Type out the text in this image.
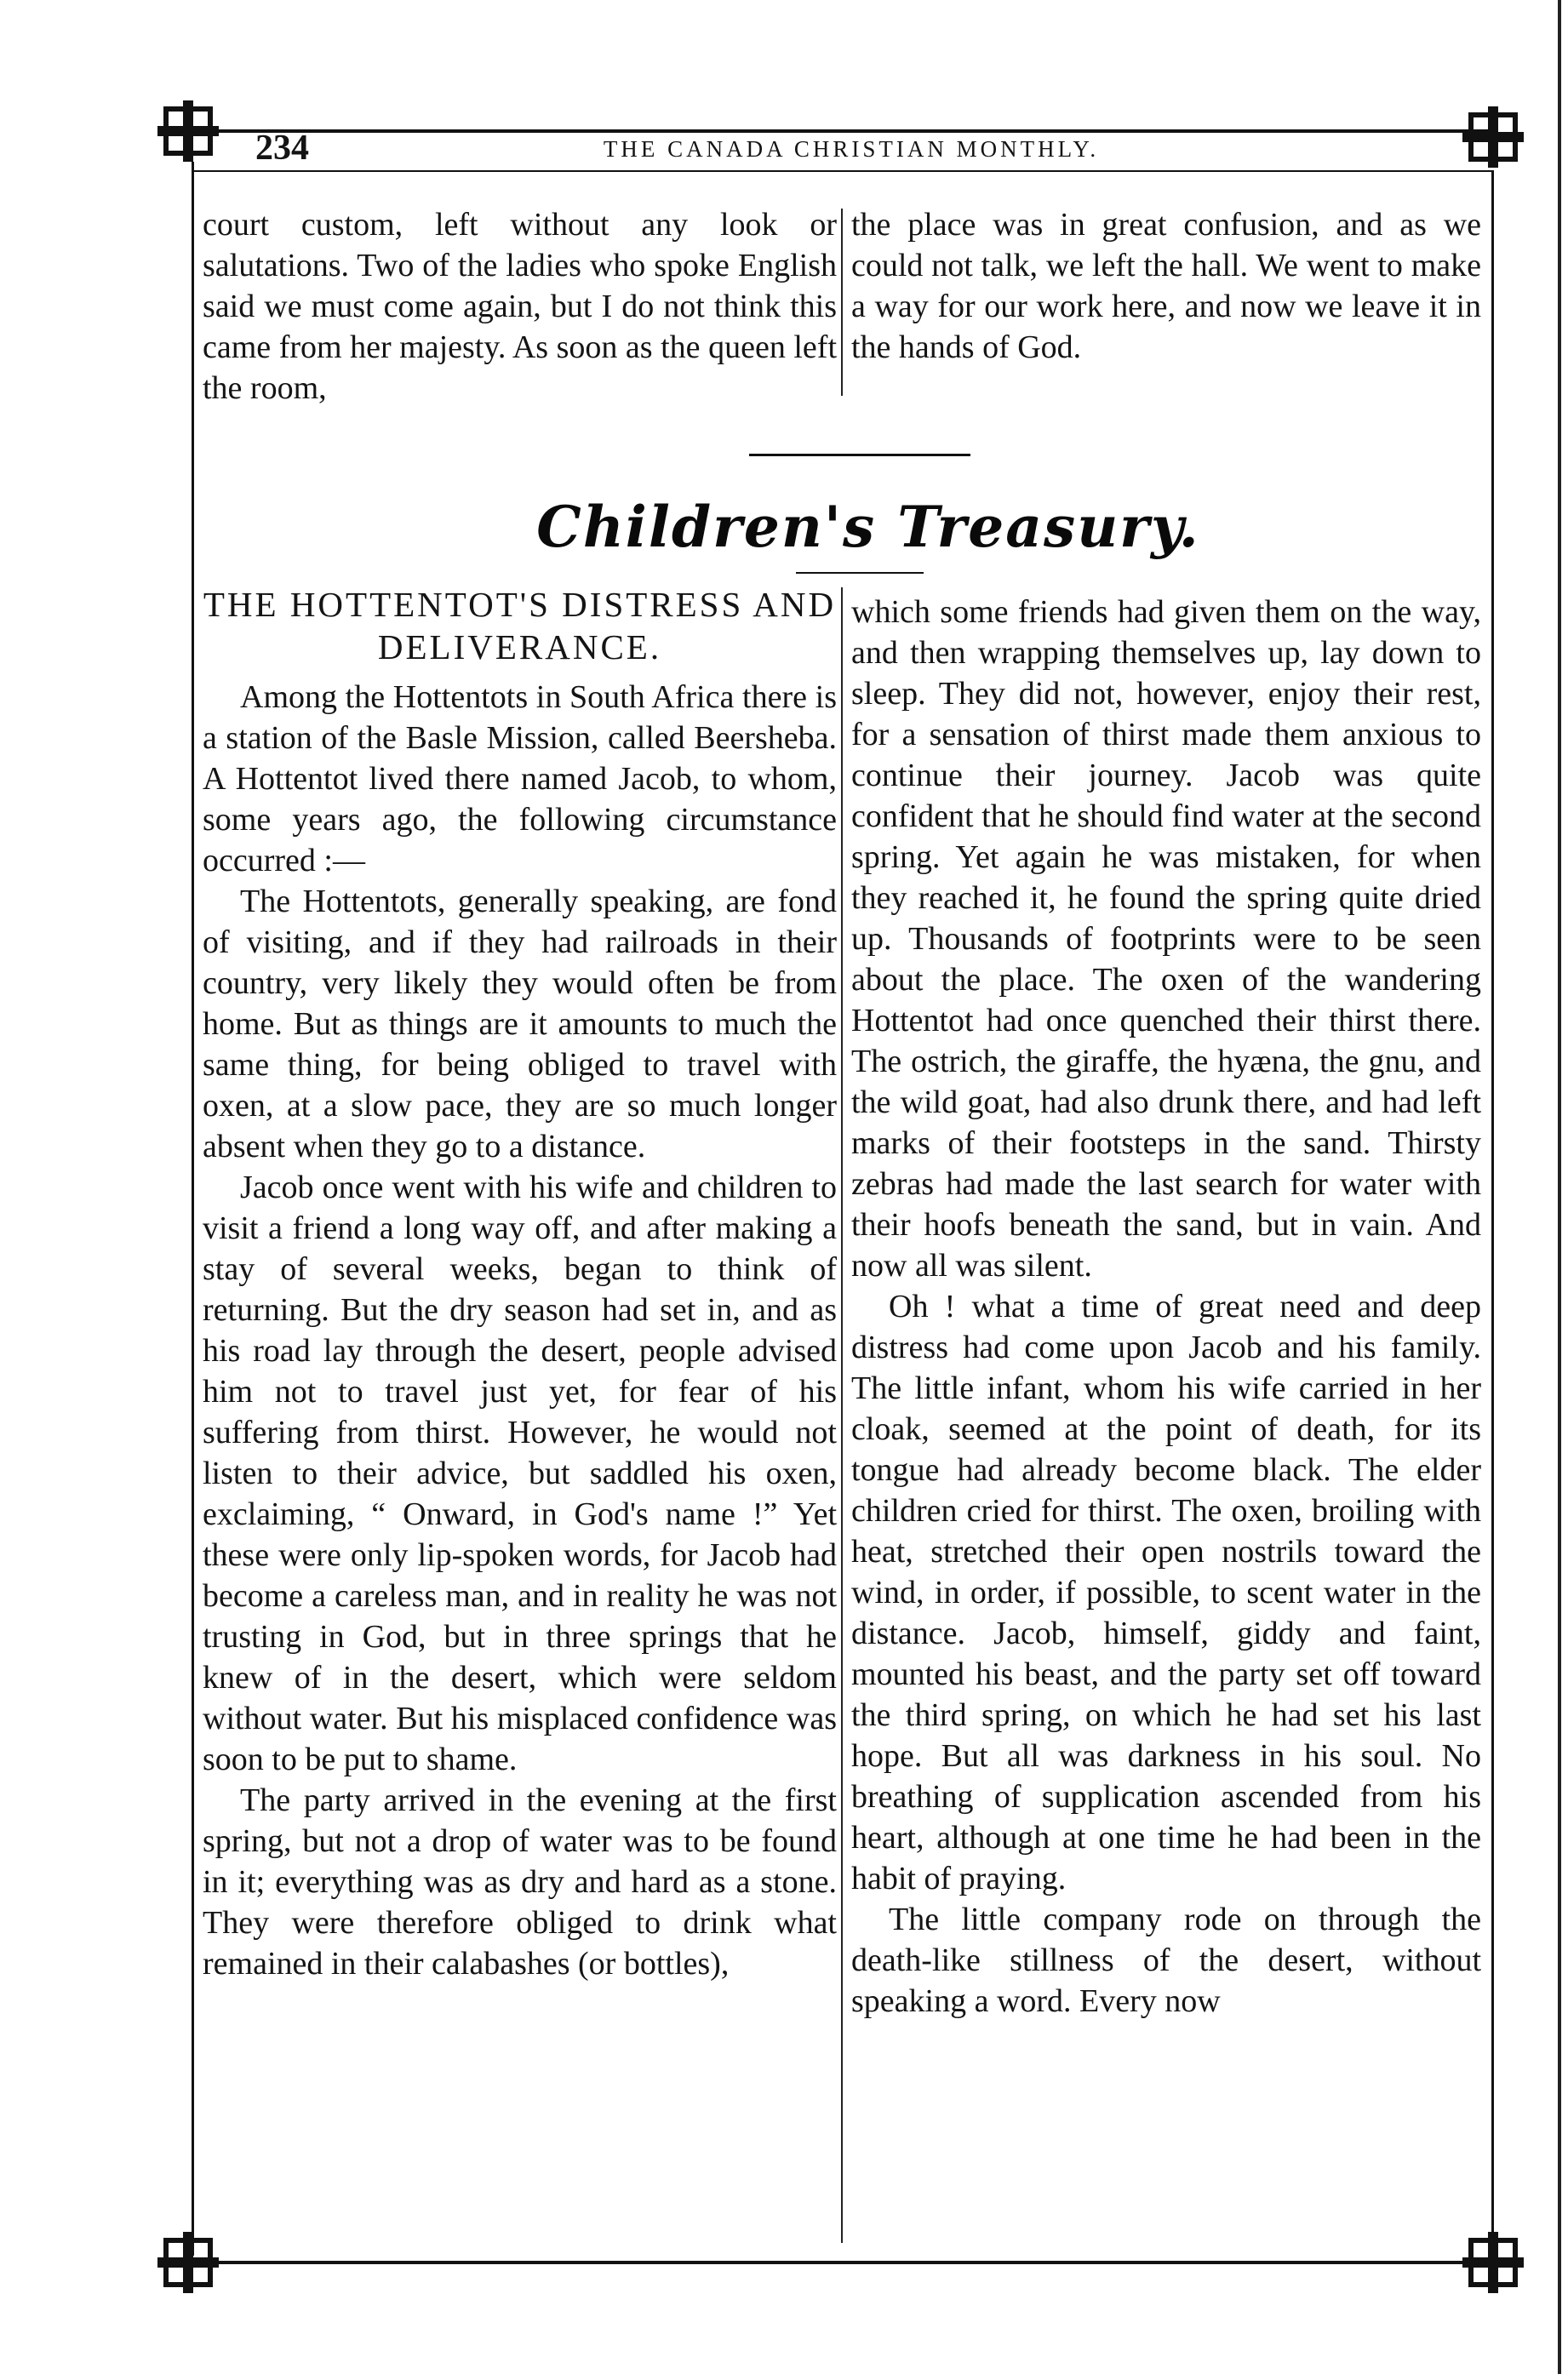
234	THE CANADA CHRISTIAN MONTHLY.

court custom, left without any look or salutations. Two of the ladies who spoke English said we must come again, but I do not think this came from her majesty. As soon as the queen left the room,

the place was in great confusion, and as we could not talk, we left the hall. We went to make a way for our work here, and now we leave it in the hands of God.

Children's Treasury.
THE HOTTENTOT'S DISTRESS AND DELIVERANCE.

Among the Hottentots in South Africa there is a station of the Basle Mission, called Beersheba. A Hottentot lived there named Jacob, to whom, some years ago, the following circumstance occurred :—

The Hottentots, generally speaking, are fond of visiting, and if they had railroads in their country, very likely they would often be from home. But as things are it amounts to much the same thing, for being obliged to travel with oxen, at a slow pace, they are so much longer absent when they go to a distance.

Jacob once went with his wife and children to visit a friend a long way off, and after making a stay of several weeks, began to think of returning. But the dry season had set in, and as his road lay through the desert, people advised him not to travel just yet, for fear of his suffering from thirst. However, he would not listen to their advice, but saddled his oxen, exclaiming, “ Onward, in God's name !” Yet these were only lip-spoken words, for Jacob had become a careless man, and in reality he was not trusting in God, but in three springs that he knew of in the desert, which were seldom without water. But his misplaced confidence was soon to be put to shame.

The party arrived in the evening at the first spring, but not a drop of water was to be found in it; everything was as dry and hard as a stone. They were therefore obliged to drink what remained in their calabashes (or bottles),

which some friends had given them on the way, and then wrapping themselves up, lay down to sleep. They did not, however, enjoy their rest, for a sensation of thirst made them anxious to continue their journey. Jacob was quite confident that he should find water at the second spring. Yet again he was mistaken, for when they reached it, he found the spring quite dried up. Thousands of footprints were to be seen about the place. The oxen of the wandering Hottentot had once quenched their thirst there. The ostrich, the giraffe, the hyæna, the gnu, and the wild goat, had also drunk there, and had left marks of their footsteps in the sand. Thirsty zebras had made the last search for water with their hoofs beneath the sand, but in vain. And now all was silent.

Oh ! what a time of great need and deep distress had come upon Jacob and his family. The little infant, whom his wife carried in her cloak, seemed at the point of death, for its tongue had already become black. The elder children cried for thirst. The oxen, broiling with heat, stretched their open nostrils toward the wind, in order, if possible, to scent water in the distance. Jacob, himself, giddy and faint, mounted his beast, and the party set off toward the third spring, on which he had set his last hope. But all was darkness in his soul. No breathing of supplication ascended from his heart, although at one time he had been in the habit of praying.

The little company rode on through the death-like stillness of the desert, without speaking a word. Every now
